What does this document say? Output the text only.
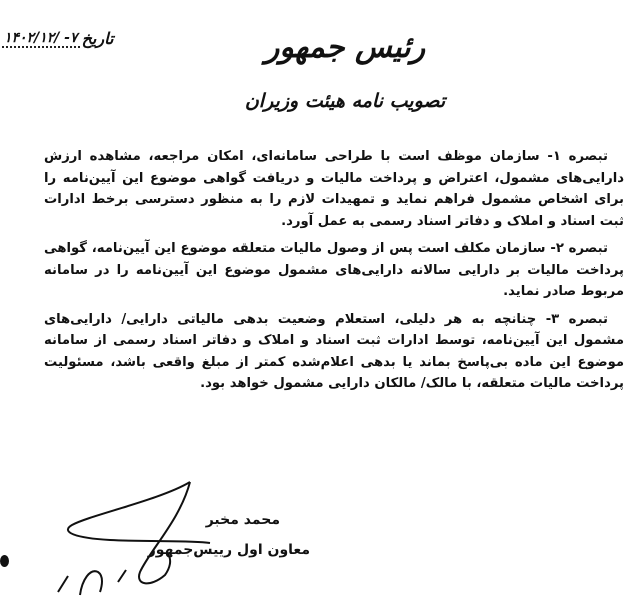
۱۴۰۲/۱۲/ -۷ تاریخ	رئیس جمهور
تصویب نامه هیئت وزیران

تبصره ۱- سازمان موظف است با طراحی سامانه‌ای، امکان مراجعه، مشاهده ارزش دارایی‌های مشمول، اعتراض و پرداخت مالیات و دریافت گواهی موضوع این آیین‌نامه را برای اشخاص مشمول فراهم نماید و تمهیدات لازم را به منظور دسترسی برخط ادارات ثبت اسناد و املاک و دفاتر اسناد رسمی به عمل آورد.

تبصره ۲- سازمان مکلف است پس از وصول مالیات متعلقه موضوع این آیین‌نامه، گواهی پرداخت مالیات بر دارایی سالانه دارایی‌های مشمول موضوع این آیین‌نامه را در سامانه مربوط صادر نماید.

تبصره ۳- چنانچه به هر دلیلی، استعلام وضعیت بدهی مالیاتی دارایی/ دارایی‌های مشمول این آیین‌نامه، توسط ادارات ثبت اسناد و املاک و دفاتر اسناد رسمی از سامانه موضوع این ماده بی‌پاسخ بماند یا بدهی اعلام‌شده کمتر از مبلغ واقعی باشد، مسئولیت پرداخت مالیات متعلقه، با مالک/ مالکان دارایی مشمول خواهد بود.

محمد مخبر
معاون اول رییس‌جمهور
